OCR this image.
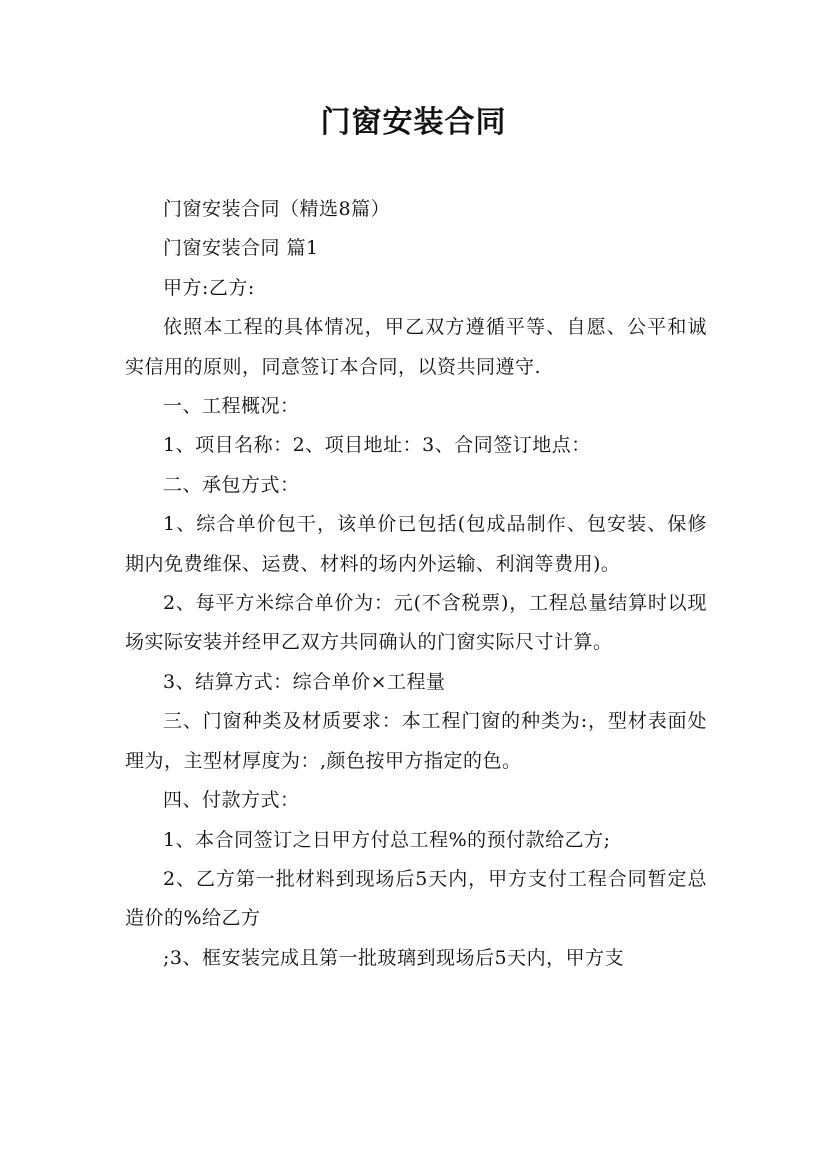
门窗安装合同

门窗安装合同（精选8篇）

门窗安装合同 篇1

甲方:乙方:

依照本工程的具体情况，甲乙双方遵循平等、自愿、公平和诚实信用的原则，同意签订本合同，以资共同遵守.

一、工程概况：

1、项目名称：2、项目地址：3、合同签订地点：

二、承包方式：

1、综合单价包干，该单价已包括(包成品制作、包安装、保修期内免费维保、运费、材料的场内外运输、利润等费用)。

2、每平方米综合单价为：元(不含税票)，工程总量结算时以现场实际安装并经甲乙双方共同确认的门窗实际尺寸计算。

3、结算方式：综合单价×工程量

三、门窗种类及材质要求：本工程门窗的种类为:，型材表面处理为，主型材厚度为：,颜色按甲方指定的色。

四、付款方式：

1、本合同签订之日甲方付总工程%的预付款给乙方;

2、乙方第一批材料到现场后5天内，甲方支付工程合同暂定总造价的%给乙方

;3、框安装完成且第一批玻璃到现场后5天内，甲方支
